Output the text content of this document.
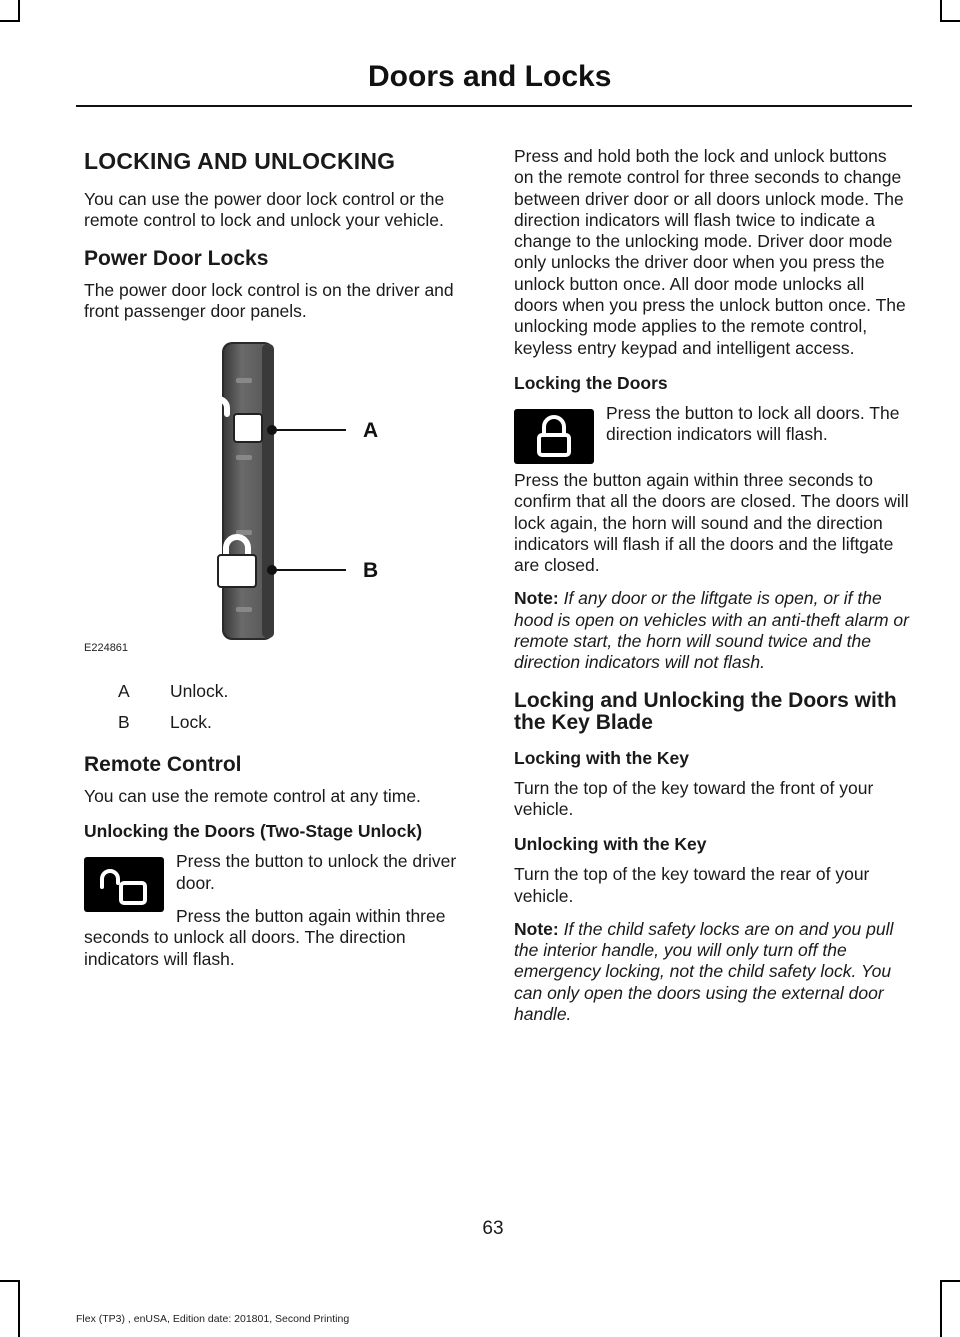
Doors and Locks
LOCKING AND UNLOCKING

You can use the power door lock control or the remote control to lock and unlock your vehicle.

Power Door Locks

The power door lock control is on the driver and front passenger door panels.

A
B
E224861
A	Unlock.
B	Lock.
Remote Control

You can use the remote control at any time.

Unlocking the Doors (Two-Stage Unlock)

Press the button to unlock the driver door.

Press the button again within three seconds to unlock all doors. The direction indicators will flash.

Press and hold both the lock and unlock buttons on the remote control for three seconds to change between driver door or all doors unlock mode. The direction indicators will flash twice to indicate a change to the unlocking mode. Driver door mode only unlocks the driver door when you press the unlock button once. All door mode unlocks all doors when you press the unlock button once. The unlocking mode applies to the remote control, keyless entry keypad and intelligent access.

Locking the Doors

Press the button to lock all doors. The direction indicators will flash.

Press the button again within three seconds to confirm that all the doors are closed. The doors will lock again, the horn will sound and the direction indicators will flash if all the doors and the liftgate are closed.

Note: If any door or the liftgate is open, or if the hood is open on vehicles with an anti-theft alarm or remote start, the horn will sound twice and the direction indicators will not flash.

Locking and Unlocking the Doors with the Key Blade
Locking with the Key

Turn the top of the key toward the front of your vehicle.

Unlocking with the Key

Turn the top of the key toward the rear of your vehicle.

Note: If the child safety locks are on and you pull the interior handle, you will only turn off the emergency locking, not the child safety lock. You can only open the doors using the external door handle.

63
Flex (TP3) , enUSA, Edition date: 201801, Second Printing
